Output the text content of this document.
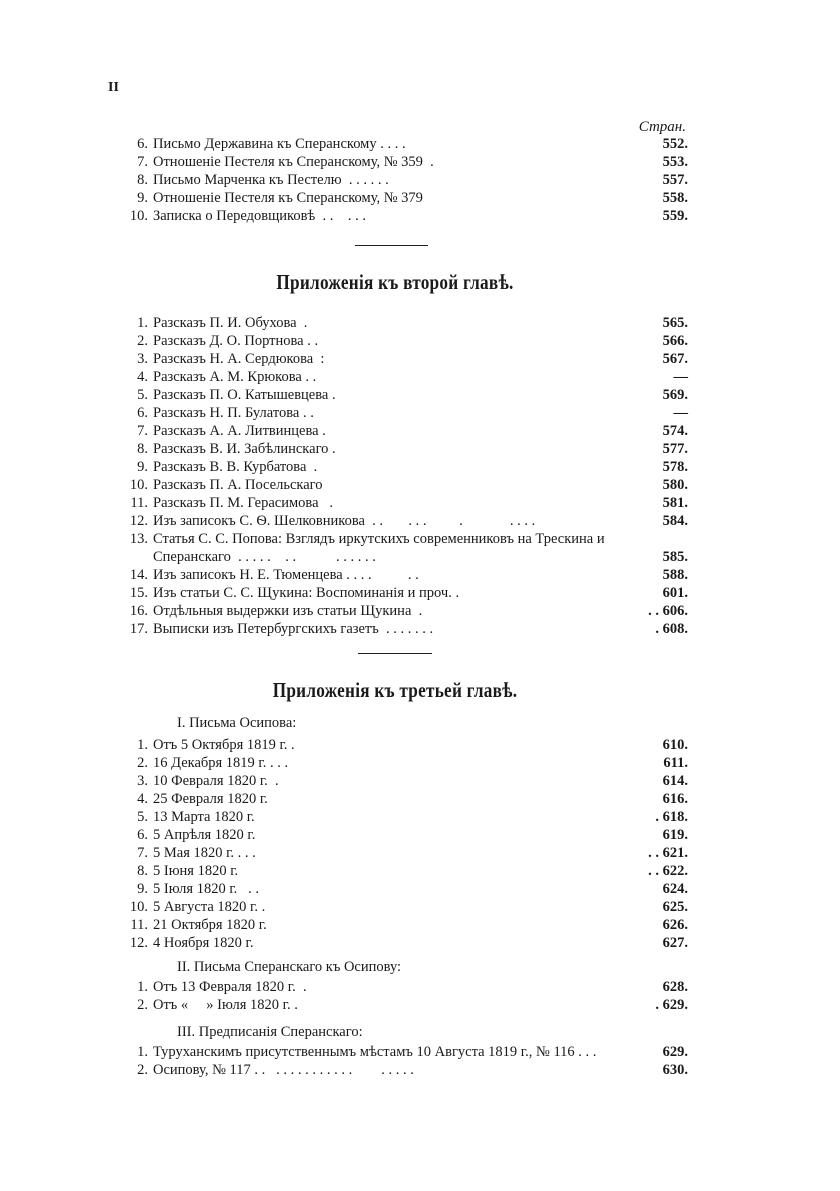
II
Стран.
6. Письмо Державина къ Сперанскому . . . .	552.
7. Отношеніе Пестеля къ Сперанскому, № 359  .	553.
8. Письмо Марченка къ Пестелю  . . . . . .	557.
9. Отношеніе Пестеля къ Сперанскому, № 379	558.
10. Записка о Передовщиковѣ  . .    . . .	559.
Приложенія къ второй главѣ.
1. Разсказъ П. И. Обухова  .	565.
2. Разсказъ Д. О. Портнова . .	566.
3. Разсказъ Н. А. Сердюкова  :	567.
4. Разсказъ А. М. Крюкова . .	—
5. Разсказъ П. О. Катышевцева .	569.
6. Разсказъ Н. П. Булатова . .	—
7. Разсказъ А. А. Литвинцева .	574.
8. Разсказъ В. И. Забѣлинскаго .	577.
9. Разсказъ В. В. Курбатова  .	578.
10. Разсказъ П. А. Посельскаго	580.
11. Разсказъ П. М. Герасимова   .	581.
12. Изъ записокъ С. Ѳ. Шелковникова  . .       . . .         .             . . . .	584.
13. Статья С. С. Попова: Взглядъ иркутскихъ современниковъ на Трескина и
Сперанскаго  . . . . .    . .           . . . . . .	585.
14. Изъ записокъ Н. Е. Тюменцева . . . .          . .	588.
15. Изъ статьи С. С. Щукина: Воспоминанія и проч. .	601.
16. Отдѣльныя выдержки изъ статьи Щукина  .	. . 606.
17. Выписки изъ Петербургскихъ газетъ  . . . . . . .	. 608.
Приложенія къ третьей главѣ.
I. Письма Осипова:
1. Отъ 5 Октября 1819 г. .	610.
2. 16 Декабря 1819 г. . . .	611.
3. 10 Февраля 1820 г.  .	614.
4. 25 Февраля 1820 г.	616.
5. 13 Марта 1820 г.	. 618.
6. 5 Апрѣля 1820 г.	619.
7. 5 Мая 1820 г. . . .	. . 621.
8. 5 Іюня 1820 г.	. . 622.
9. 5 Іюля 1820 г.   . .	624.
10. 5 Августа 1820 г. .	625.
11. 21 Октября 1820 г.	626.
12. 4 Ноября 1820 г.	627.
II. Письма Сперанскаго къ Осипову:
1. Отъ 13 Февраля 1820 г.  .	628.
2. Отъ «     » Іюля 1820 г. .	. 629.
III. Предписанія Сперанскаго:
1. Туруханскимъ присутственнымъ мѣстамъ 10 Августа 1819 г., № 116 . . .	629.
2. Осипову, № 117 . .   . . . . . . . . . . .        . . . . .	630.
